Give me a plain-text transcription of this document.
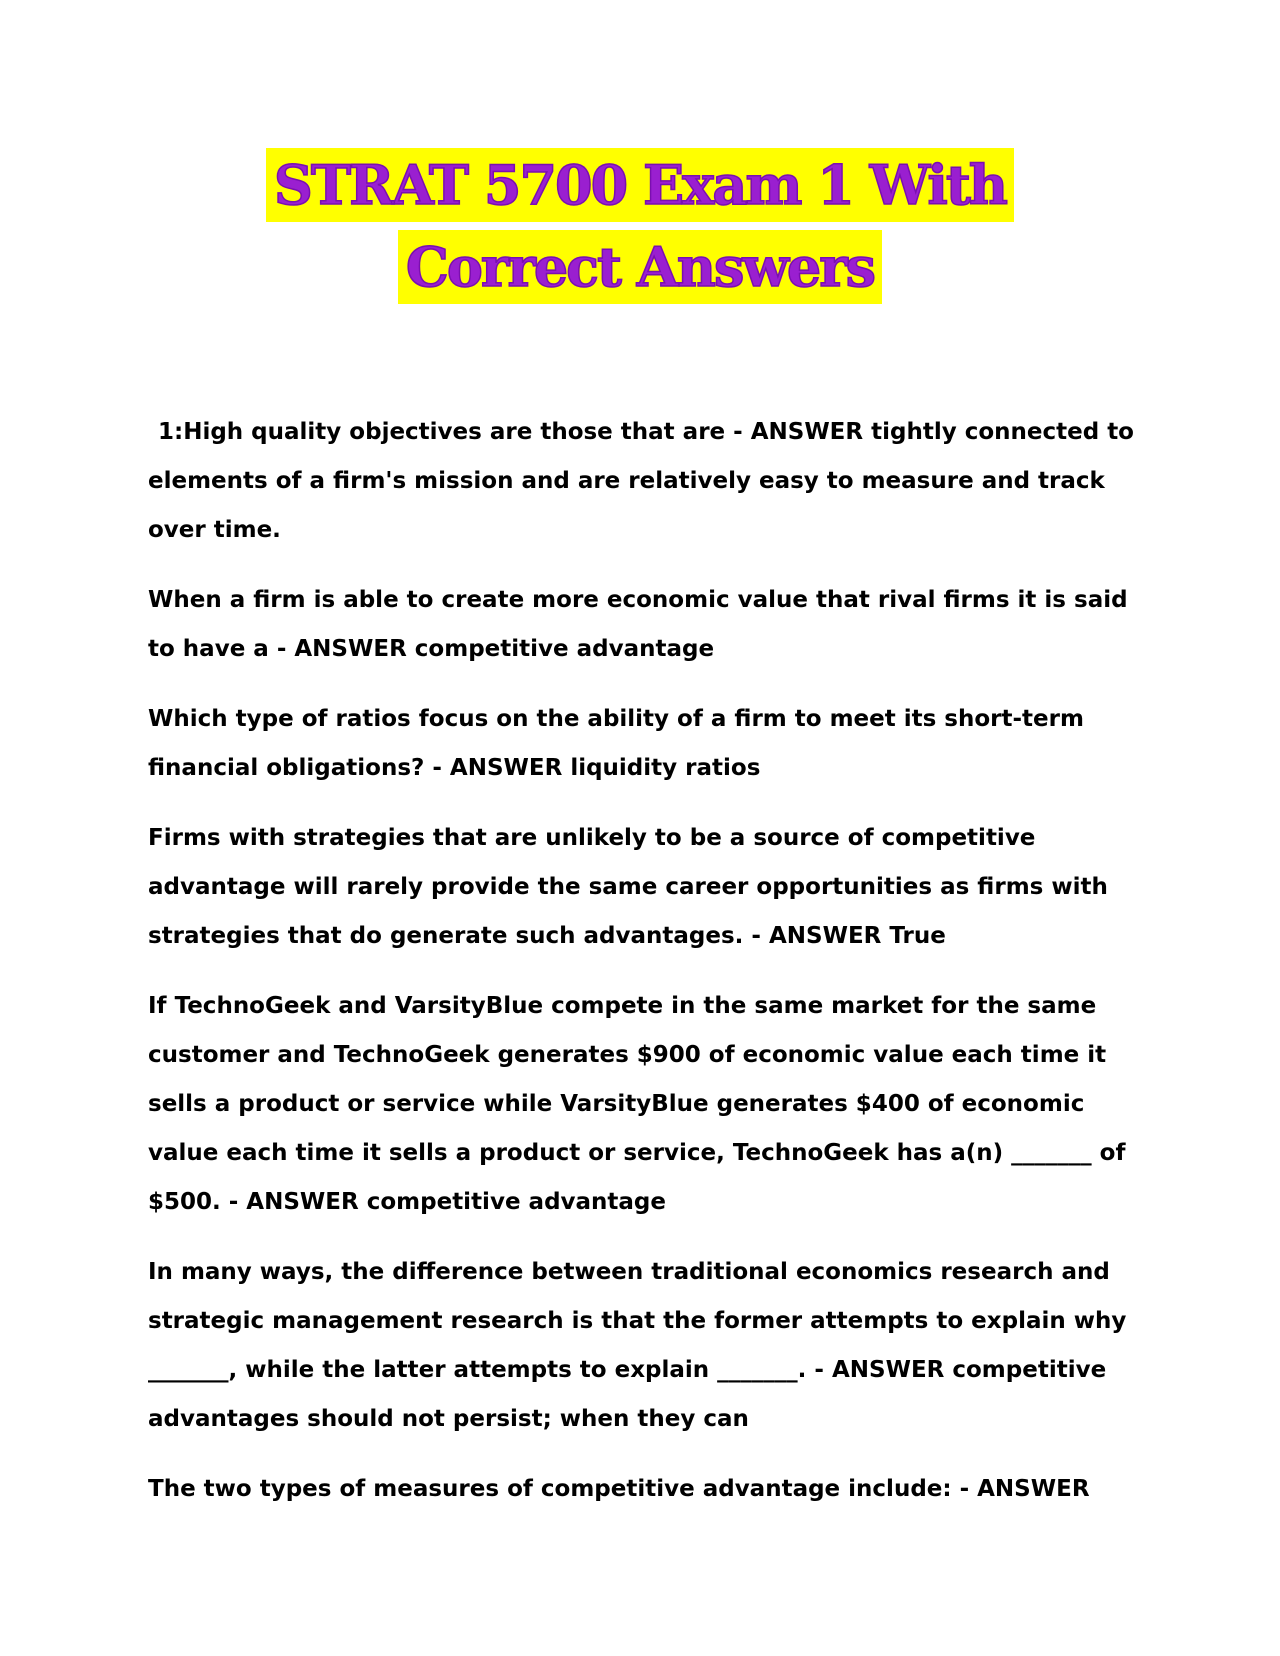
STRAT 5700 Exam 1 With
Correct Answers

1:High quality objectives are those that are - ANSWER tightly connected to elements of a firm's mission and are relatively easy to measure and track over time.

When a firm is able to create more economic value that rival firms it is said to have a - ANSWER competitive advantage

Which type of ratios focus on the ability of a firm to meet its short-term financial obligations? - ANSWER liquidity ratios

Firms with strategies that are unlikely to be a source of competitive advantage will rarely provide the same career opportunities as firms with strategies that do generate such advantages. - ANSWER True

If TechnoGeek and VarsityBlue compete in the same market for the same customer and TechnoGeek generates $900 of economic value each time it sells a product or service while VarsityBlue generates $400 of economic value each time it sells a product or service, TechnoGeek has a(n) _______ of $500. - ANSWER competitive advantage

In many ways, the difference between traditional economics research and strategic management research is that the former attempts to explain why _______, while the latter attempts to explain _______. - ANSWER competitive advantages should not persist; when they can

The two types of measures of competitive advantage include: - ANSWER
